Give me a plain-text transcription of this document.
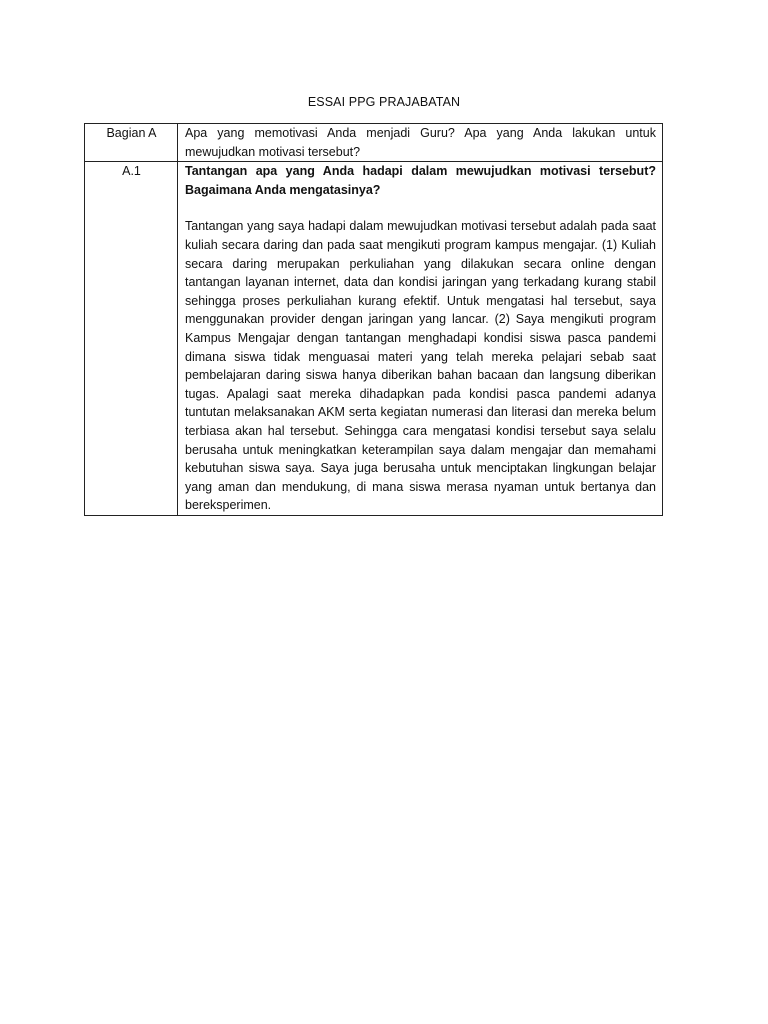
ESSAI PPG PRAJABATAN
Bagian A	Apa yang memotivasi Anda menjadi Guru? Apa yang Anda lakukan untuk mewujudkan motivasi tersebut?

A.1	Tantangan apa yang Anda hadapi dalam mewujudkan motivasi tersebut? Bagaimana Anda mengatasinya?
Tantangan yang saya hadapi dalam mewujudkan motivasi tersebut adalah pada saat kuliah secara daring dan pada saat mengikuti program kampus mengajar. (1) Kuliah secara daring merupakan perkuliahan yang dilakukan secara online dengan tantangan layanan internet, data dan kondisi jaringan yang terkadang kurang stabil sehingga proses perkuliahan kurang efektif. Untuk mengatasi hal tersebut, saya menggunakan provider dengan jaringan yang lancar. (2) Saya mengikuti program Kampus Mengajar dengan tantangan menghadapi kondisi siswa pasca pandemi dimana siswa tidak menguasai materi yang telah mereka pelajari sebab saat pembelajaran daring siswa hanya diberikan bahan bacaan dan langsung diberikan tugas. Apalagi saat mereka dihadapkan pada kondisi pasca pandemi adanya tuntutan melaksanakan AKM serta kegiatan numerasi dan literasi dan mereka belum terbiasa akan hal tersebut. Sehingga cara mengatasi kondisi tersebut saya selalu berusaha untuk meningkatkan keterampilan saya dalam mengajar dan memahami kebutuhan siswa saya. Saya juga berusaha untuk menciptakan lingkungan belajar yang aman dan mendukung, di mana siswa merasa nyaman untuk bertanya dan bereksperimen.
